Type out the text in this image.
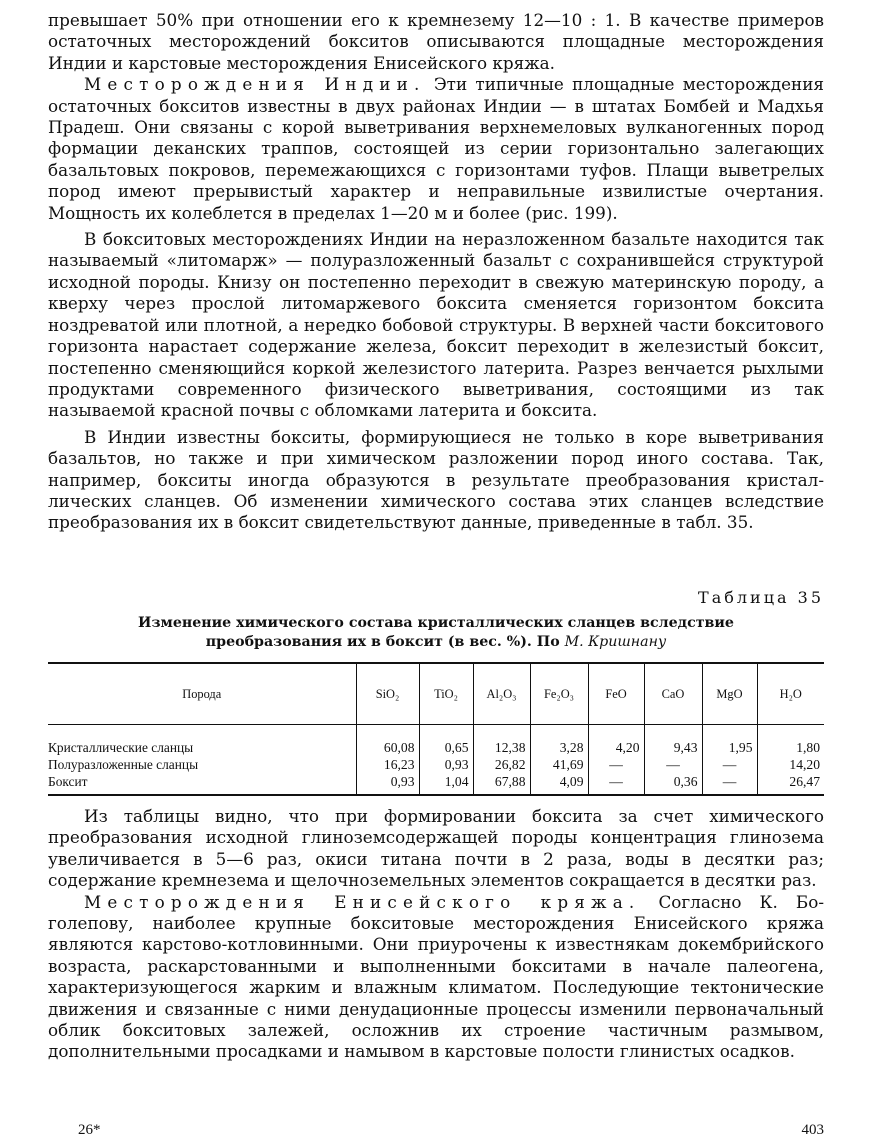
превышает 50% при отношении его к кремнезему 12—10 : 1. В качестве примеров остаточных месторождений бокситов описываются площадные месторождения Индии и карстовые месторождения Енисейского кряжа.

Месторождения Индии. Эти типичные площадные месторождения остаточных бокситов известны в двух районах Индии — в штатах Бомбей и Мадхья Прадеш. Они связаны с корой выветривания верхнемеловых вулканогенных пород формации деканских траппов, состоящей из серии горизонтально залегающих базальтовых покровов, перемежающихся с горизонтами туфов. Плащи выветрелых пород имеют прерывистый характер и неправильные извилистые очертания. Мощность их колеблется в пределах 1—20 м и более (рис. 199).

В бокситовых месторождениях Индии на неразложенном базальте находится так называемый «литомарж» — полуразложенный базальт с сохранившейся структурой исходной породы. Книзу он постепенно переходит в свежую материнскую породу, а кверху через прослой литомаржевого боксита сменяется горизонтом боксита ноздреватой или плотной, а нередко бобовой структуры. В верхней части бокситового горизонта нарастает содержание железа, боксит переходит в железистый боксит, постепенно сменяющийся коркой железистого латерита. Разрез венчается рыхлыми продуктами современного физического выветривания, состоящими из так называемой красной почвы с обломками латерита и боксита.

В Индии известны бокситы, формирующиеся не только в коре выветривания базальтов, но также и при химическом разложении пород иного состава. Так, например, бокситы иногда образуются в результате преобразования кристаллических сланцев. Об изменении химического состава этих сланцев вследствие преобразования их в боксит свидетельствуют данные, приведенные в табл. 35.

Таблица 35
Изменение химического состава кристаллических сланцев вследствие
преобразования их в боксит (в вес. %). По М. Кришнану
Порода	SiO₂	TiO₂	Al₂O₃	Fe₂O₃	FeO	CaO	MgO	H₂O
Кристаллические сланцы	60,08	0,65	12,38	3,28	4,20	9,43	1,95	1,80
Полуразложенные сланцы	16,23	0,93	26,82	41,69	—	—	—	14,20
Боксит	0,93	1,04	67,88	4,09	—	0,36	—	26,47

Из таблицы видно, что при формировании боксита за счет химического преобразования исходной глиноземсодержащей породы концентрация глинозема увеличивается в 5—6 раз, окиси титана почти в 2 раза, воды в десятки раз; содержание кремнезема и щелочноземельных элементов сокращается в десятки раз.

Месторождения Енисейского кряжа. Согласно К. Боголепову, наиболее крупные бокситовые месторождения Енисейского кряжа являются карстово-котловинными. Они приурочены к известнякам докембрийского возраста, раскарстованными и выполненными бокситами в начале палеогена, характеризующегося жарким и влажным климатом. Последующие тектонические движения и связанные с ними денудационные процессы изменили первоначальный облик бокситовых залежей, осложнив их строение частичным размывом, дополнительными просадками и намывом в карстовые полости глинистых осадков.

26*	403
